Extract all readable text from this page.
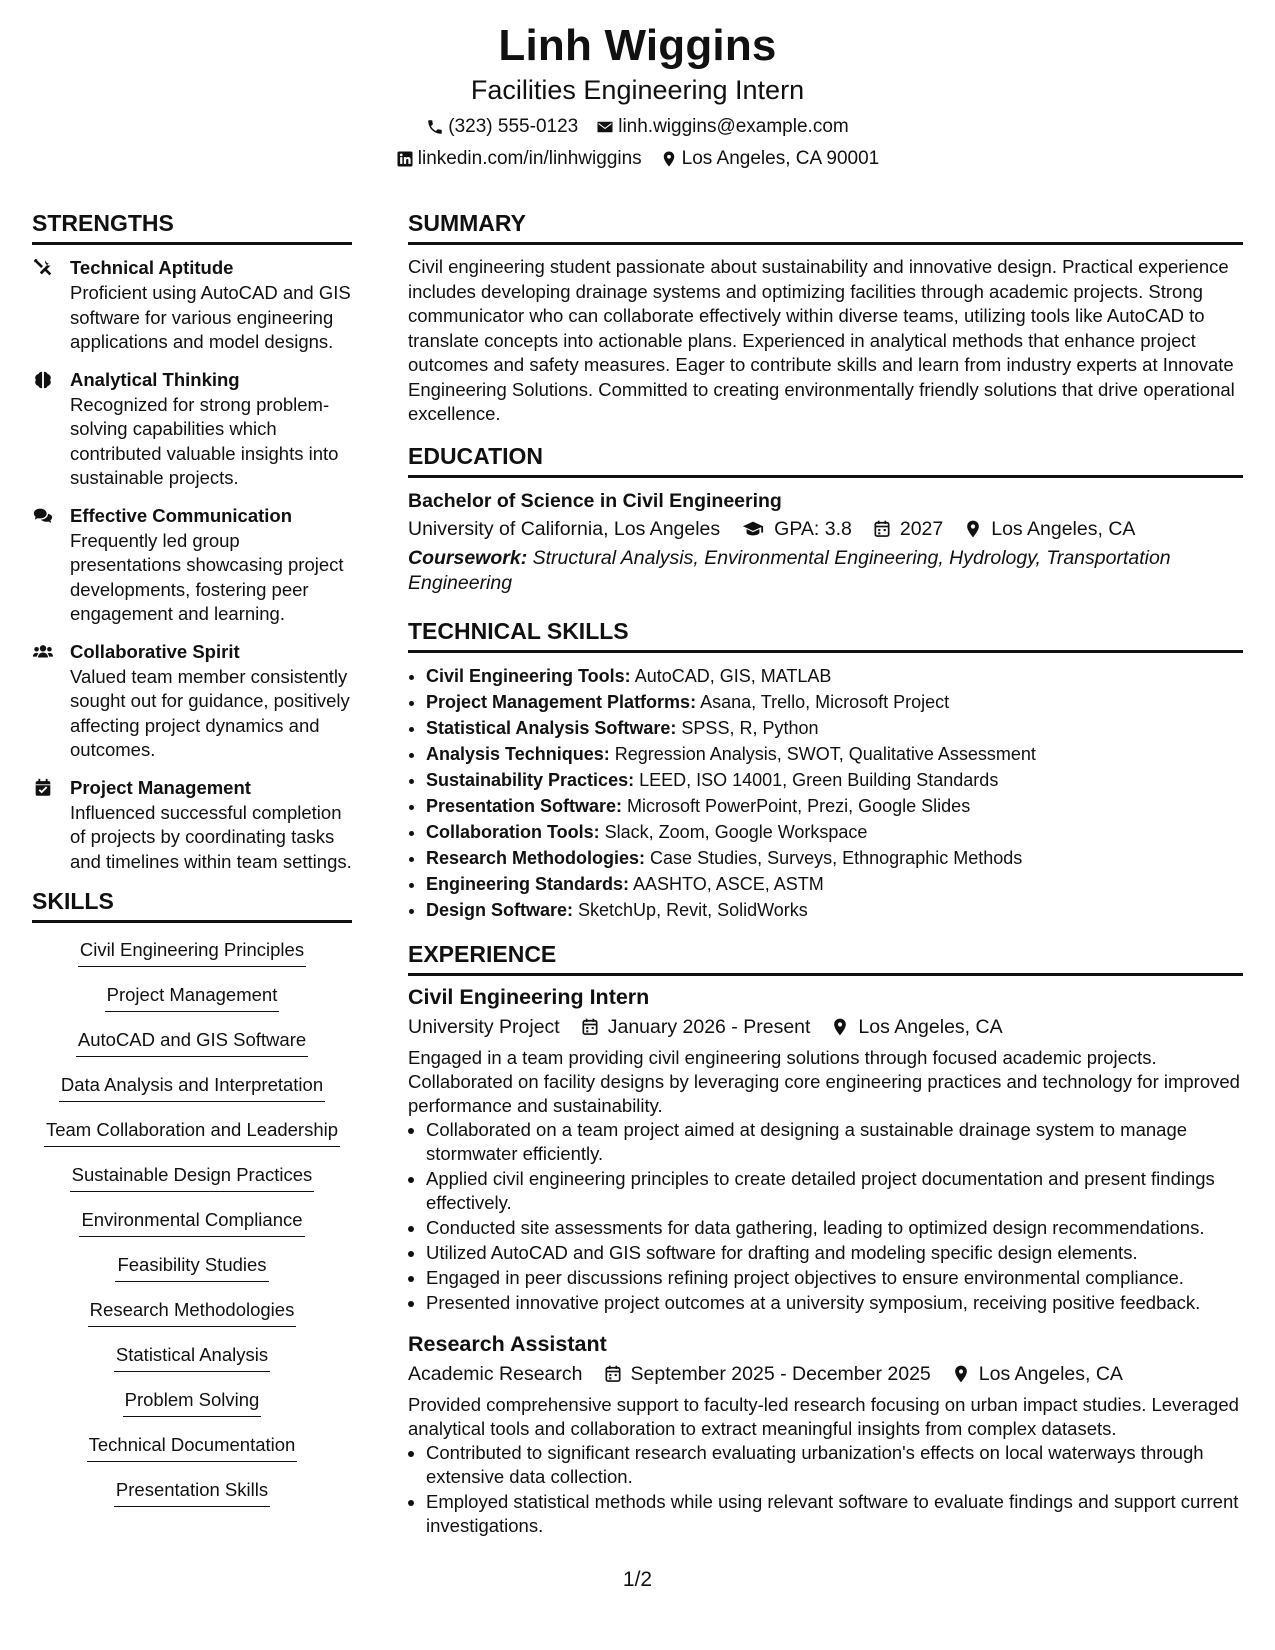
Linh Wiggins
Facilities Engineering Intern
(323) 555-0123 linh.wiggins@example.com
linkedin.com/in/linhwiggins Los Angeles, CA 90001
STRENGTHS
Technical Aptitude
Proficient using AutoCAD and GIS software for various engineering applications and model designs.
Analytical Thinking
Recognized for strong problem-solving capabilities which contributed valuable insights into sustainable projects.
Effective Communication
Frequently led group presentations showcasing project developments, fostering peer engagement and learning.
Collaborative Spirit
Valued team member consistently sought out for guidance, positively affecting project dynamics and outcomes.
Project Management
Influenced successful completion of projects by coordinating tasks and timelines within team settings.
SKILLS
Civil Engineering Principles
Project Management
AutoCAD and GIS Software
Data Analysis and Interpretation
Team Collaboration and Leadership
Sustainable Design Practices
Environmental Compliance
Feasibility Studies
Research Methodologies
Statistical Analysis
Problem Solving
Technical Documentation
Presentation Skills
SUMMARY
Civil engineering student passionate about sustainability and innovative design. Practical experience includes developing drainage systems and optimizing facilities through academic projects. Strong communicator who can collaborate effectively within diverse teams, utilizing tools like AutoCAD to translate concepts into actionable plans. Experienced in analytical methods that enhance project outcomes and safety measures. Eager to contribute skills and learn from industry experts at Innovate Engineering Solutions. Committed to creating environmentally friendly solutions that drive operational excellence.
EDUCATION
Bachelor of Science in Civil Engineering
University of California, Los Angeles	GPA: 3.8 2027 Los Angeles, CA
Coursework: Structural Analysis, Environmental Engineering, Hydrology, Transportation Engineering
TECHNICAL SKILLS
• Civil Engineering Tools: AutoCAD, GIS, MATLAB
• Project Management Platforms: Asana, Trello, Microsoft Project
• Statistical Analysis Software: SPSS, R, Python
• Analysis Techniques: Regression Analysis, SWOT, Qualitative Assessment
• Sustainability Practices: LEED, ISO 14001, Green Building Standards
• Presentation Software: Microsoft PowerPoint, Prezi, Google Slides
• Collaboration Tools: Slack, Zoom, Google Workspace
• Research Methodologies: Case Studies, Surveys, Ethnographic Methods
• Engineering Standards: AASHTO, ASCE, ASTM
• Design Software: SketchUp, Revit, SolidWorks
EXPERIENCE
Civil Engineering Intern
University Project January 2026 - Present Los Angeles, CA
Engaged in a team providing civil engineering solutions through focused academic projects. Collaborated on facility designs by leveraging core engineering practices and technology for improved performance and sustainability.
• Collaborated on a team project aimed at designing a sustainable drainage system to manage stormwater efficiently.
• Applied civil engineering principles to create detailed project documentation and present findings effectively.
• Conducted site assessments for data gathering, leading to optimized design recommendations.
• Utilized AutoCAD and GIS software for drafting and modeling specific design elements.
• Engaged in peer discussions refining project objectives to ensure environmental compliance.
• Presented innovative project outcomes at a university symposium, receiving positive feedback.
Research Assistant
Academic Research September 2025 - December 2025 Los Angeles, CA
Provided comprehensive support to faculty-led research focusing on urban impact studies. Leveraged analytical tools and collaboration to extract meaningful insights from complex datasets.
• Contributed to significant research evaluating urbanization's effects on local waterways through extensive data collection.
• Employed statistical methods while using relevant software to evaluate findings and support current investigations.
1/2
